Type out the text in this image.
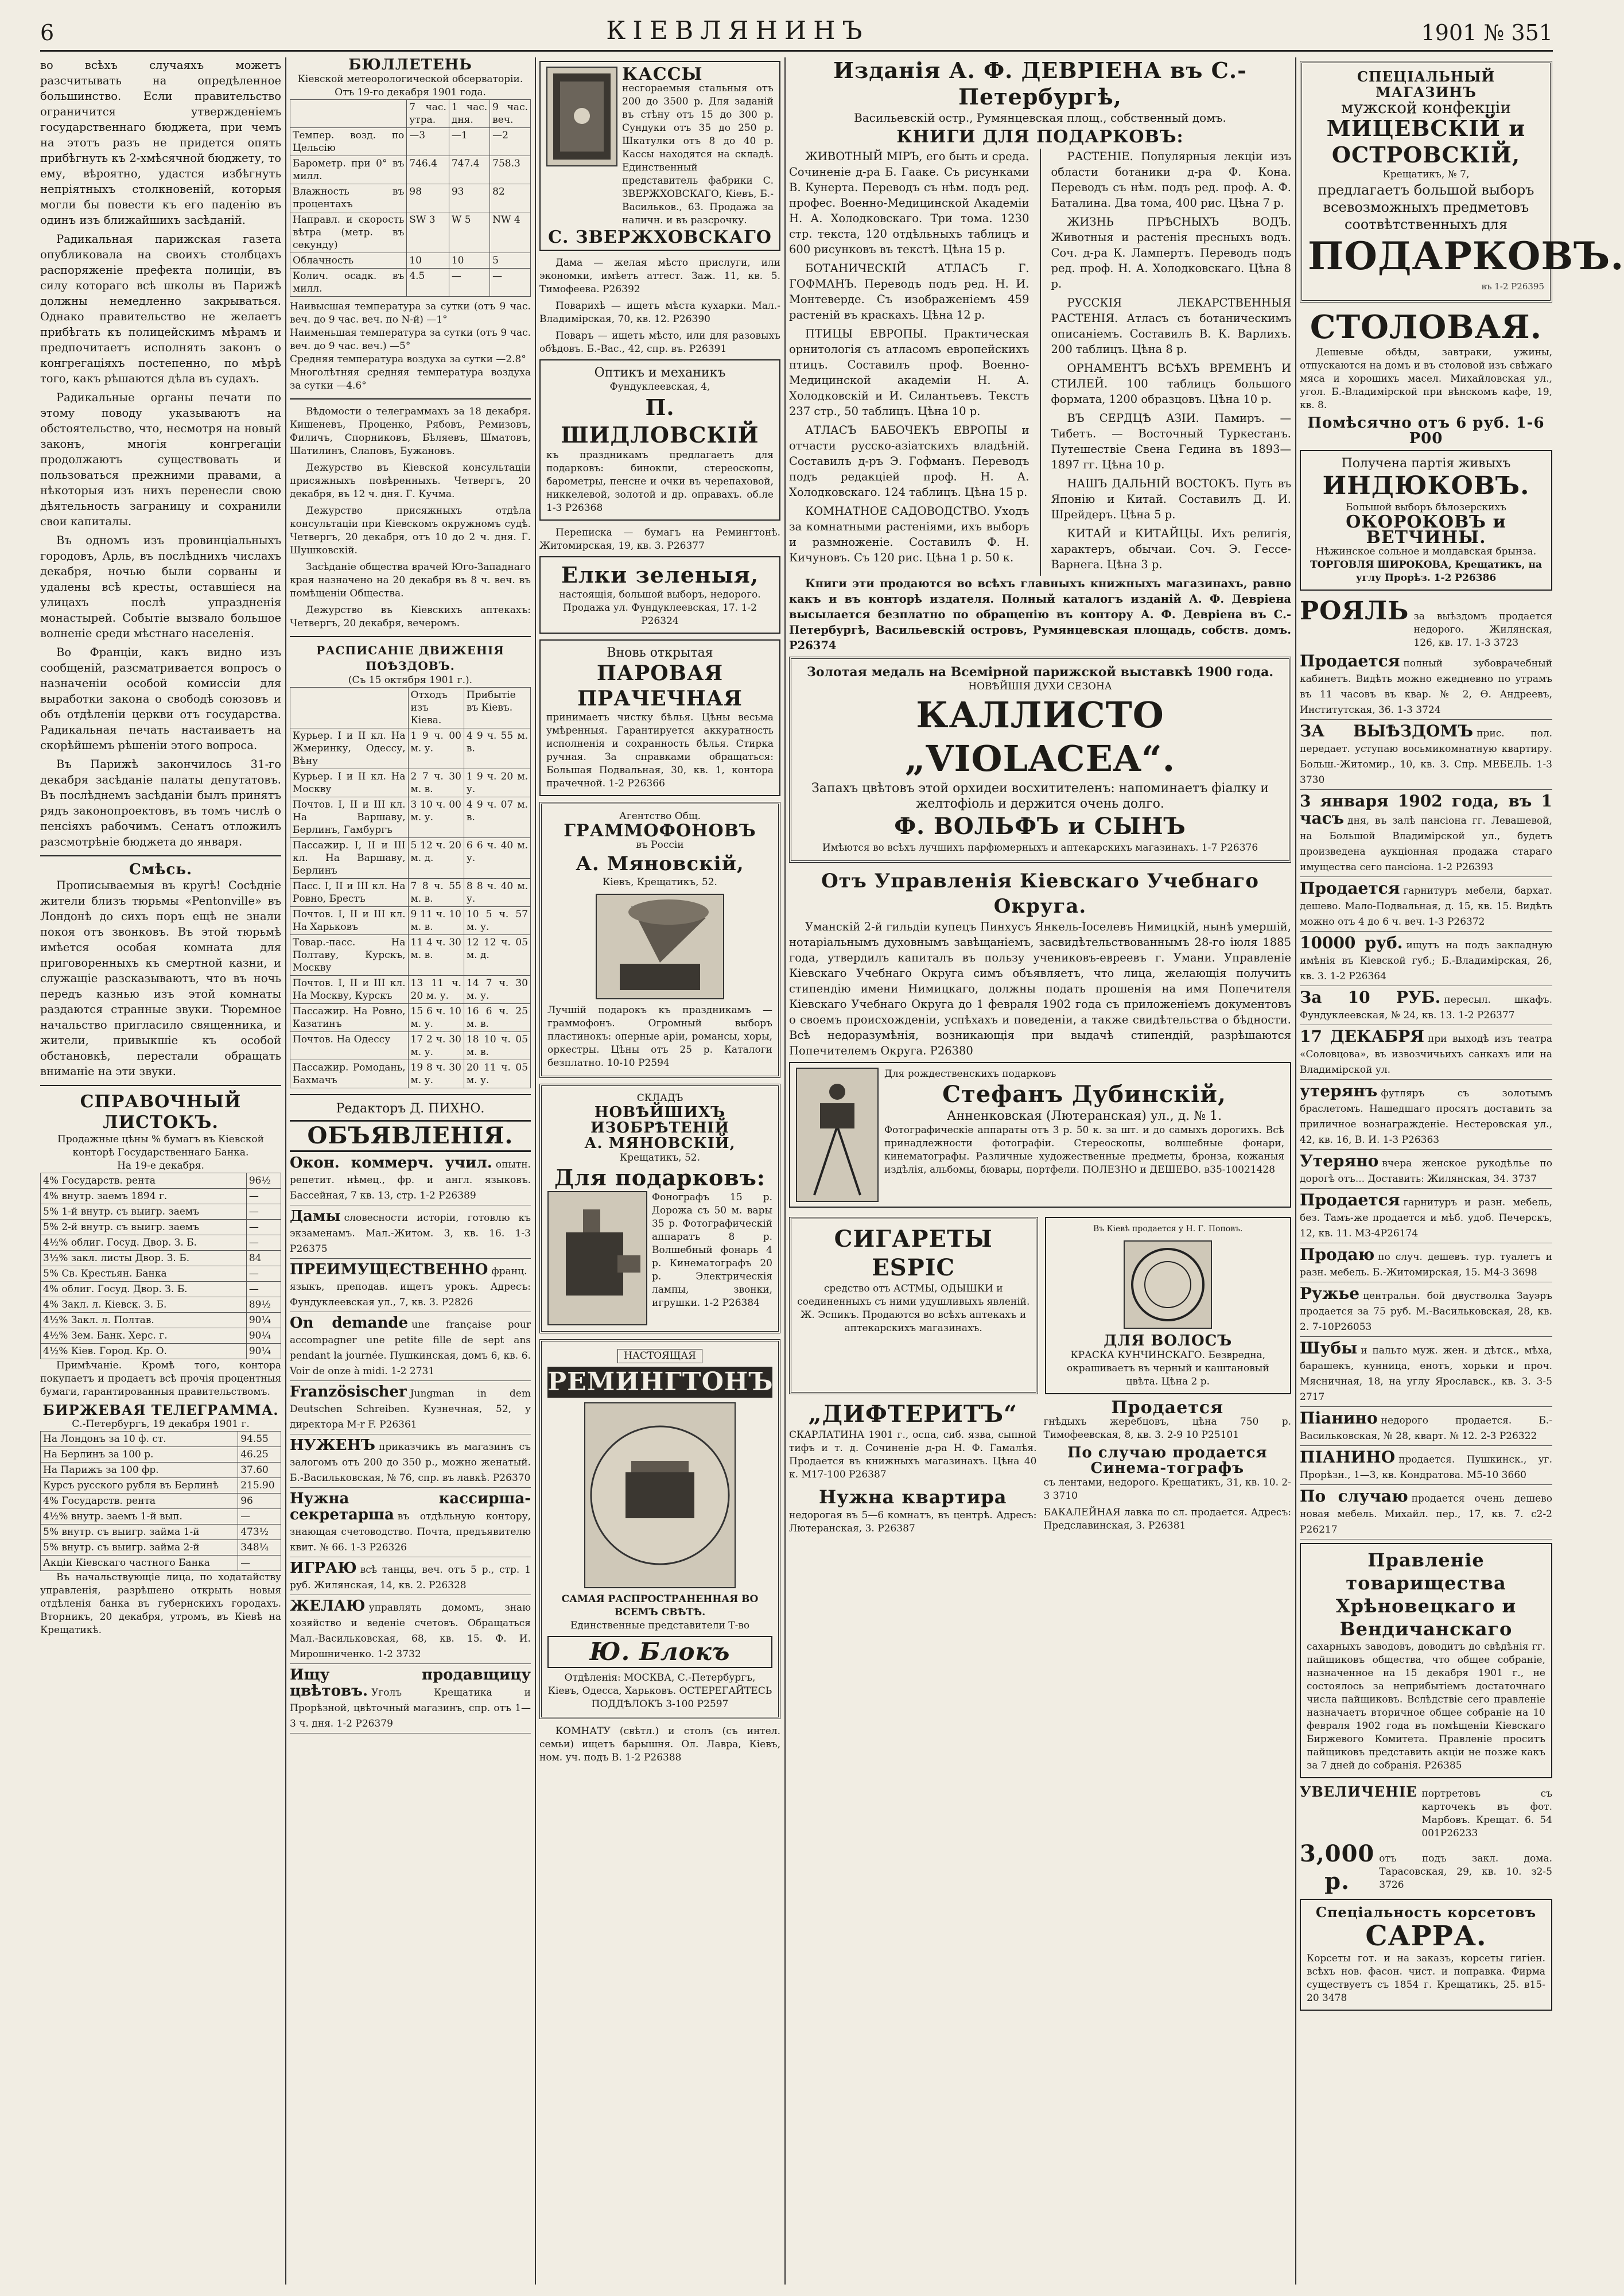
6	КIЕВЛЯНИНЪ	1901 № 351

во всѣхъ случаяхъ можетъ разсчитывать на опредѣленное большинство. Если правительство ограничится утвержденіемъ государственнаго бюджета, при чемъ на этотъ разъ не придется опять прибѣгнуть къ 2-хмѣсячной бюджету, то ему, вѣроятно, удастся избѣгнуть непріятныхъ столкновеній, которыя могли бы повести къ его паденію въ одинъ изъ ближайшихъ засѣданій.

Радикальная парижская газета опубликовала на своихъ столбцахъ распоряженіе префекта полиціи, въ силу котораго всѣ школы въ Парижѣ должны немедленно закрываться. Однако правительство не желаетъ прибѣгать къ полицейскимъ мѣрамъ и предпочитаетъ исполнять законъ о конгрегаціяхъ постепенно, по мѣрѣ того, какъ рѣшаются дѣла въ судахъ.

Радикальные органы печати по этому поводу указываютъ на обстоятельство, что, несмотря на новый законъ, многія конгрегаціи продолжаютъ существовать и пользоваться прежними правами, а нѣкоторыя изъ нихъ перенесли свою дѣятельность заграницу и сохранили свои капиталы.

Въ одномъ изъ провинціальныхъ городовъ, Арль, въ послѣднихъ числахъ декабря, ночью были сорваны и удалены всѣ кресты, оставшіеся на улицахъ послѣ упраздненія монастырей. Событіе вызвало большое волненіе среди мѣстнаго населенія.

Во Франціи, какъ видно изъ сообщеній, разсматривается вопросъ о назначеніи особой комиссіи для выработки закона о свободѣ союзовъ и объ отдѣленіи церкви отъ государства. Радикальная печать настаиваетъ на скорѣйшемъ рѣшеніи этого вопроса.

Въ Парижѣ закончилось 31-го декабря засѣданіе палаты депутатовъ. Въ послѣднемъ засѣданіи былъ принятъ рядъ законопроектовъ, въ томъ числѣ о пенсіяхъ рабочимъ. Сенатъ отложилъ разсмотрѣніе бюджета до января.

Смѣсь.

Прописываемыя въ кругѣ! Сосѣдніе жители близъ тюрьмы «Pentonville» въ Лондонѣ до сихъ поръ ещѣ не знали покоя отъ звонковъ. Въ этой тюрьмѣ имѣется особая комната для приговоренныхъ къ смертной казни, и служащіе разсказываютъ, что въ ночь передъ казнью изъ этой комнаты раздаются странные звуки. Тюремное начальство пригласило священника, и жители, привыкшіе къ особой обстановкѣ, перестали обращать вниманіе на эти звуки.

СПРАВОЧНЫЙ ЛИСТОКЪ.
Продажные цѣны % бумагъ въ Кіевской конторѣ Государственнаго Банка.
На 19-е декабря.
4% Государств. рента	96½
4% внутр. заемъ 1894 г.	—
5% 1-й внутр. съ выигр. заемъ	—
5% 2-й внутр. съ выигр. заемъ	—
4½% облиг. Госуд. Двор. З. Б.	—
3½% закл. листы Двор. З. Б.	84
5% Св. Крестьян. Банка	—
4% облиг. Госуд. Двор. З. Б.	—
4% Закл. л. Кіевск. З. Б.	89½
4½% Закл. л. Полтав.	90¼
4½% Зем. Банк. Херс. г.	90¼
4½% Кіев. Город. Кр. О.	90¼

Примѣчаніе. Кромѣ того, контора покупаетъ и продаетъ всѣ прочія процентныя бумаги, гарантированныя правительствомъ.

БИРЖЕВАЯ ТЕЛЕГРАММА.
С.-Петербургъ, 19 декабря 1901 г.
На Лондонъ за 10 ф. ст.	94.55
На Берлинъ за 100 р.	46.25
На Парижъ за 100 фр.	37.60
Курсъ русского рубля въ Берлинѣ	215.90
4% Государств. рента	96
4½% внутр. заемъ 1-й вып.	—
5% внутр. съ выигр. займа 1-й	473½
5% внутр. съ выигр. займа 2-й	348¼
Акціи Кіевскаго частного Банка	—

Въ начальствующіе лица, по ходатайству управленія, разрѣшено открыть новыя отдѣленія банка въ губернскихъ городахъ. Вторникъ, 20 декабря, утромъ, въ Кіевѣ на Крещатикѣ.

БЮЛЛЕТЕНЬ
Кіевской метеорологической обсерваторіи.
Отъ 19-го декабря 1901 года.
	7 час. утра.	1 час. дня.	9 час. веч.
Темпер. возд. по Цельсію	—3	—1	—2
Барометр. при 0° въ милл.	746.4	747.4	758.3
Влажность въ процентахъ	98	93	82
Направл. и скорость вѣтра (метр. въ секунду)	SW 3	W 5	NW 4
Облачность	10	10	5
Колич. осадк. въ милл.	4.5	—	—
Наивысшая температура за сутки (отъ 9 час. веч. до 9 час. веч. по N-й) —1°
Наименьшая температура за сутки (отъ 9 час. веч. до 9 час. веч.) —5°
Средняя температура воздуха за сутки —2.8°
Многолѣтняя средняя температура воздуха за сутки —4.6°

Вѣдомости о телеграммахъ за 18 декабря. Кишеневъ, Проценко, Рябовъ, Ремизовъ, Филичъ, Спорниковъ, Бѣляевъ, Шматовъ, Шатилинъ, Слаповъ, Бужановъ.

Дежурство въ Кіевской консультаціи присяжныхъ повѣренныхъ. Четвергъ, 20 декабря, въ 12 ч. дня. Г. Кучма.

Дежурство присяжныхъ отдѣла консультаціи при Кіевскомъ окружномъ судѣ. Четвергъ, 20 декабря, отъ 10 до 2 ч. дня. Г. Шушковскій.

Засѣданіе общества врачей Юго-Западнаго края назначено на 20 декабря въ 8 ч. веч. въ помѣщеніи Общества.

Дежурство въ Кіевскихъ аптекахъ: Четвергъ, 20 декабря, вечеромъ.

РАСПИСАНІЕ ДВИЖЕНІЯ ПОѢЗДОВЪ.
(Съ 15 октября 1901 г.).
	Отходъ изъ Кіева.	Прибытіе въ Кіевъ.
Курьер. I и II кл. На Жмеринку, Одессу, Вѣну	1 9 ч. 00 м. у.	4 9 ч. 55 м. в.
Курьер. I и II кл. На Москву	2 7 ч. 30 м. в.	1 9 ч. 20 м. у.
Почтов. I, II и III кл. На Варшаву, Берлинъ, Гамбургъ	3 10 ч. 00 м. у.	4 9 ч. 07 м. в.
Пассажир. I, II и III кл. На Варшаву, Берлинъ	5 12 ч. 20 м. д.	6 6 ч. 40 м. у.
Пасс. I, II и III кл. На Ровно, Брестъ	7 8 ч. 55 м. в.	8 8 ч. 40 м. у.
Почтов. I, II и III кл. На Харьковъ	9 11 ч. 10 м. в.	10 5 ч. 57 м. у.
Товар.-пасс. На Полтаву, Курскъ, Москву	11 4 ч. 30 м. в.	12 12 ч. 05 м. д.
Почтов. I, II и III кл. На Москву, Курскъ	13 11 ч. 20 м. у.	14 7 ч. 30 м. у.
Пассажир. На Ровно, Казатинъ	15 6 ч. 10 м. у.	16 6 ч. 25 м. в.
Почтов. На Одессу	17 2 ч. 30 м. у.	18 10 ч. 05 м. в.
Пассажир. Ромодань, Бахмачъ	19 8 ч. 30 м. у.	20 11 ч. 05 м. у.
Редакторъ Д. ПИХНО.
ОБЪЯВЛЕНІЯ.
Окон. коммерч. учил. опытн. репетит. нѣмец., фр. и англ. языковъ. Бассейная, 7 кв. 13, стр. 1-2 P26389
Дамы словесности исторіи, готовлю къ экзаменамъ. Мал.-Житом. 3, кв. 16. 1-3 P26375
ПРЕИМУЩЕСТВЕННО франц. языкъ, преподав. ищетъ урокъ. Адресъ: Фундуклеевская ул., 7, кв. 3. P2826
On demande une française pour accompagner une petite fille de sept ans pendant la journée. Пушкинская, домъ 6, кв. 6. Voir de onze à midi. 1-2 2731
Französischer Jungman in dem Deutschen Schreiben. Кузнечная, 52, у директора M-r F. P26361
НУЖЕНЪ приказчикъ въ магазинъ съ залогомъ отъ 200 до 350 р., можно женатый. Б.-Васильковская, № 76, спр. въ лавкѣ. P26370
Нужна кассирша-секретарша въ отдѣльную контору, знающая счетоводство. Почта, предъявителю квит. № 66. 1-3 P26326
ИГРАЮ всѣ танцы, веч. отъ 5 р., стр. 1 руб. Жилянская, 14, кв. 2. P26328
ЖЕЛАЮ управлять домомъ, знаю хозяйство и веденіе счетовъ. Обращаться Мал.-Васильковская, 68, кв. 15. Ф. И. Мирошниченко. 1-2 3732
Ищу продавщицу цвѣтовъ. Уголъ Крещатика и Прорѣзной, цвѣточный магазинъ, спр. отъ 1—3 ч. дня. 1-2 P26379
КАССЫ
несгораемыя стальныя отъ 200 до 3500 р. Для заданій въ стѣну отъ 15 до 300 р. Сундуки отъ 35 до 250 р. Шкатулки отъ 8 до 40 р. Кассы находятся на складѣ. Единственный представитель фабрики С. ЗВЕРЖХОВСКАГО, Кіевъ, Б.-Васильков., 63. Продажа за наличн. и въ разсрочку.
С. ЗВЕРЖХОВСКАГО

Дама — желая мѣсто прислуги, или экономки, имѣетъ аттест. Заж. 11, кв. 5. Тимофеева. P26392

Поварихѣ — ищетъ мѣста кухарки. Мал.-Владимірская, 70, кв. 12. P26390

Поваръ — ищетъ мѣсто, или для разовыхъ обѣдовъ. Б.-Вас., 42, спр. въ. P26391

Оптикъ и механикъ
Фундуклеевская, 4,
П. ШИДЛОВСКІЙ
къ праздникамъ предлагаетъ для подарковъ: бинокли, стереоскопы, барометры, пенсне и очки въ черепаховой, никкелевой, золотой и др. оправахъ. об.ле 1-3 P26368

Переписка — бумагъ на Ремингтонѣ. Житомирская, 19, кв. 3. P26377

Елки зеленыя,
настоящія, большой выборъ, недорого. Продажа ул. Фундуклеевская, 17. 1-2 P26324
Вновь открытая
ПАРОВАЯ ПРАЧЕЧНАЯ
принимаетъ чистку бѣлья. Цѣны весьма умѣренныя. Гарантируется аккуратность исполненія и сохранность бѣлья. Стирка ручная. За справками обращаться: Большая Подвальная, 30, кв. 1, контора прачечной. 1-2 P26366
Агентство Общ.
ГРАММОФОНОВЪ
въ Россіи
А. Мяновскій,
Кіевъ, Крещатикъ, 52.
Лучшій подарокъ къ праздникамъ — граммофонъ. Огромный выборъ пластинокъ: оперные арiи, романсы, хоры, оркестры. Цѣны отъ 25 р. Каталоги безплатно. 10-10 P2594
СКЛАДЪ
НОВѢЙШИХЪ ИЗОБРѢТЕНІЙ
А. МЯНОВСКІЙ,
Крещатикъ, 52.
Для подарковъ:
Фонографъ 15 р. Дорожа съ 50 м. вары 35 р. Фотографическій аппаратъ 8 р. Волшебный фонарь 4 р. Кинематографъ 20 р. Электрическія лампы, звонки, игрушки. 1-2 P26384
НАСТОЯЩАЯ
РЕМИНГТОНЪ
САМАЯ РАСПРОСТРАНЕННАЯ ВО ВСЕМЪ СВѢТѢ.
Единственные представители Т-во
Ю. Блокъ
Отдѣленія: МОСКВА, С.-Петербургъ, Кіевъ, Одесса, Харьковъ. ОСТЕРЕГАЙТЕСЬ ПОДДѢЛОКЪ 3-100 P2597

КОМНАТУ (свѣтл.) и столъ (съ интел. семьи) ищетъ барышня. Ол. Лавра, Кіевъ, ном. уч. подъ В. 1-2 P26388

Изданія А. Ф. ДЕВРІЕНА въ С.-Петербургѣ,
Васильевскій остр., Румянцевская площ., собственный домъ.
КНИГИ ДЛЯ ПОДАРКОВЪ:

ЖИВОТНЫЙ МІРЪ, его быть и среда. Сочиненіе д-ра Б. Гааке. Съ рисунками В. Кунерта. Переводъ съ нѣм. подъ ред. профес. Военно-Медицинской Академіи Н. А. Холодковскаго. Три тома. 1230 стр. текста, 120 отдѣльныхъ таблицъ и 600 рисунковъ въ текстѣ. Цѣна 15 р.

БОТАНИЧЕСКІЙ АТЛАСЪ Г. ГОФМАНЪ. Переводъ подъ ред. Н. И. Монтеверде. Съ изображеніемъ 459 растеній въ краскахъ. Цѣна 12 р.

ПТИЦЫ ЕВРОПЫ. Практическая орнитологія съ атласомъ европейскихъ птицъ. Составилъ проф. Военно-Медицинской академіи Н. А. Холодковскій и И. Силантьевъ. Текстъ 237 стр., 50 таблицъ. Цѣна 10 р.

АТЛАСЪ БАБОЧЕКЪ ЕВРОПЫ и отчасти русско-азіатскихъ владѣній. Составилъ д-ръ Э. Гофманъ. Переводъ подъ редакціей проф. Н. А. Холодковскаго. 124 таблицъ. Цѣна 15 р.

КОМНАТНОЕ САДОВОДСТВО. Уходъ за комнатными растеніями, ихъ выборъ и размноженіе. Составилъ Ф. Н. Кичуновъ. Съ 120 рис. Цѣна 1 р. 50 к.

РАСТЕНІЕ. Популярныя лекціи изъ области ботаники д-ра Ф. Кона. Переводъ съ нѣм. подъ ред. проф. А. Ф. Баталина. Два тома, 400 рис. Цѣна 7 р.

ЖИЗНЬ ПРѢСНЫХЪ ВОДЪ. Животныя и растенія пресныхъ водъ. Соч. д-ра К. Лампертъ. Переводъ подъ ред. проф. Н. А. Холодковскаго. Цѣна 8 р.

РУССКІЯ ЛЕКАРСТВЕННЫЯ РАСТЕНІЯ. Атласъ съ ботаническимъ описаніемъ. Составилъ В. К. Варлихъ. 200 таблицъ. Цѣна 8 р.

ОРНАМЕНТЪ ВСѢХЪ ВРЕМЕНЪ И СТИЛЕЙ. 100 таблицъ большого формата, 1200 образцовъ. Цѣна 10 р.

ВЪ СЕРДЦѢ АЗІИ. Памиръ. — Тибетъ. — Восточный Туркестанъ. Путешествіе Свена Гедина въ 1893—1897 гг. Цѣна 10 р.

НАШЪ ДАЛЬНІЙ ВОСТОКЪ. Путь въ Японію и Китай. Составилъ Д. И. Шрейдеръ. Цѣна 5 р.

КИТАЙ и КИТАЙЦЫ. Ихъ религія, характеръ, обычаи. Соч. Э. Гессе-Варнега. Цѣна 3 р.

Книги эти продаются во всѣхъ главныхъ книжныхъ магазинахъ, равно какъ и въ конторѣ издателя. Полный каталогъ изданій А. Ф. Девріена высылается безплатно по обращенію въ контору А. Ф. Девріена въ С.-Петербургѣ, Васильевскій островъ, Румянцевская площадь, собств. домъ. P26374

Золотая медаль на Всемірной парижской выставкѣ 1900 года.
НОВѢЙШІЯ ДУХИ СЕЗОНА
КАЛЛИСТО „VIOLACEA“.
Запахъ цвѣтовъ этой орхидеи восхитителенъ: напоминаетъ фіалку и желтофіоль и держится очень долго.
Ф. ВОЛЬФЪ и СЫНЪ
Имѣются во всѣхъ лучшихъ парфюмерныхъ и аптекарскихъ магазинахъ. 1-7 P26376
Отъ Управленія Кіевскаго Учебнаго Округа.

Уманскій 2-й гильдіи купецъ Пинхусъ Янкель-Іоселевъ Нимицкій, нынѣ умершій, нотаріальнымъ духовнымъ завѣщаніемъ, засвидѣтельствованнымъ 28-го іюля 1885 года, утвердилъ капиталъ въ пользу учениковъ-евреевъ г. Умани. Управленіе Кіевскаго Учебнаго Округа симъ объявляетъ, что лица, желающія получить стипендію имени Нимицкаго, должны подать прошенія на имя Попечителя Кіевскаго Учебнаго Округа до 1 февраля 1902 года съ приложеніемъ документовъ о своемъ происхожденіи, успѣхахъ и поведеніи, а также свидѣтельства о бѣдности. Всѣ недоразумѣнія, возникающія при выдачѣ стипендій, разрѣшаются Попечителемъ Округа. P26380

Для рождественскихъ подарковъ
Стефанъ Дубинскій,
Анненковская (Лютеранская) ул., д. № 1.
Фотографическіе аппараты отъ 3 р. 50 к. за шт. и до самыхъ дорогихъ. Всѣ принадлежности фотографіи. Стереоскопы, волшебные фонари, кинематографы. Различные художественные предметы, бронза, кожаныя издѣлія, альбомы, бювары, портфели. ПОЛЕЗНО и ДЕШЕВО. в35-10021428
СИГАРЕТЫ ESPIC
средство отъ АСТМЫ, ОДЫШКИ и соединенныхъ съ ними удушливыхъ явленій. Ж. Эспикъ. Продаются во всѣхъ аптекахъ и аптекарскихъ магазинахъ.
Въ Кіевѣ продается у Н. Г. Поповъ.
ДЛЯ ВОЛОСЪ
КРАСКА КУНЧИНСКАГО. Безвредна, окрашиваетъ въ черный и каштановый цвѣта. Цѣна 2 р.
„ДИФТЕРИТЪ“
СКАРЛАТИНА 1901 г., оспа, сиб. язва, сыпной тифъ и т. д. Сочиненіе д-ра Н. Ф. Гамалѣя. Продается въ книжныхъ магазинахъ. Цѣна 40 к. M17-100 P26387
Нужна квартира
недорогая въ 5—6 комнатъ, въ центрѣ. Адресъ: Лютеранская, 3. P26387
Продается
гнѣдыхъ жеребцовъ, цѣна 750 р. Тимофеевская, 8, кв. 3. 2-9 10 P25101
По случаю продается Синема-тографъ
съ лентами, недорого. Крещатикъ, 31, кв. 10. 2-3 3710
БАКАЛЕЙНАЯ лавка по сл. продается. Адресъ: Предславинская, 3. P26381
СПЕЦІАЛЬНЫЙ МАГАЗИНЪ
мужской конфекціи
МИЦЕВСКІЙ и ОСТРОВСКІЙ,
Крещатикъ, № 7,
предлагаетъ большой выборъ всевозможныхъ предметовъ соотвѣтственныхъ для
ПОДАРКОВЪ.
въ 1-2 P26395
СТОЛОВАЯ.

Дешевые обѣды, завтраки, ужины, отпускаются на домъ и въ столовой изъ свѣжаго мяса и хорошихъ масел. Михайловская ул., угол. Б.-Владимірской при вѣнскомъ кафе, 19, кв. 8.

Помѣсячно отъ 6 руб. 1-6 P00
Получена партія живыхъ
ИНДЮКОВЪ.
Большой выборъ бѣлозерскихъ
ОКОРОКОВЪ и ВЕТЧИНЫ.
Нѣжинское сольное и молдавская брынза.
ТОРГОВЛЯ ШИРОКОВА, Крещатикъ, на углу Прорѣз. 1-2 P26386
РОЯЛЬ за выѣздомъ продается недорого. Жилянская, 126, кв. 17. 1-3 3723
Продается полный зубоврачебный кабинетъ. Видѣть можно ежедневно по утрамъ въ 11 часовъ въ квар. № 2, Ѳ. Андреевъ, Институтская, 36. 1-3 3724
ЗА ВЫѢЗДОМЪ прис. пол. передает. уступаю восьмикомнатную квартиру. Больш.-Житомир., 10, кв. 3. Спр. МЕБЕЛЬ. 1-3 3730
3 января 1902 года, въ 1 часъ дня, въ залѣ пансіона гг. Левашевой, на Большой Владимірской ул., будетъ произведена аукціонная продажа стараго имущества сего пансіона. 1-2 P26393
Продается гарнитуръ мебели, бархат. дешево. Мало-Подвальная, д. 15, кв. 15. Видѣть можно отъ 4 до 6 ч. веч. 1-3 P26372
10000 руб. ищутъ на подъ закладную имѣнія въ Кіевской губ.; Б.-Владимірская, 26, кв. 3. 1-2 P26364
За 10 РУБ. пересыл. шкафъ. Фундуклеевская, № 24, кв. 13. 1-2 P26377
17 ДЕКАБРЯ при выходѣ изъ театра «Соловцова», въ извозчичьихъ санкахъ или на Владимірской ул.
утерянъ футляръ съ золотымъ браслетомъ. Нашедшаго просятъ доставить за приличное вознагражденіе. Нестеровская ул., 42, кв. 16, В. И. 1-3 P26363
Утеряно вчера женское рукодѣлье по дорогѣ отъ... Доставить: Жилянская, 34. 3737
Продается гарнитуръ и разн. мебель, без. Тамъ-же продается и мѣб. удоб. Печерскъ, 12, кв. 11. M3-4P26174
Продаю по случ. дешевъ. тур. туалетъ и разн. мебель. Б.-Житомирская, 15. M4-3 3698
Ружье центральн. бой двустволка Зауэръ продается за 75 руб. М.-Васильковская, 28, кв. 2. 7-10P26053
Шубы и пальто муж. жен. и дѣтск., мѣха, барашекъ, кунница, енотъ, хорьки и проч. Мясничная, 18, на углу Ярославск., кв. 3. 3-5 2717
Піанино недорого продается. Б.-Васильковская, № 28, кварт. № 12. 2-3 P26322
ПІАНИНО продается. Пушкинск., уг. Прорѣзн., 1—3, кв. Кондратова. M5-10 3660
По случаю продается очень дешево новая мебель. Михайл. пер., 17, кв. 7. с2-2 P26217
Правленіе товарищества Хрѣновецкаго и Вендичанскаго
сахарныхъ заводовъ, доводитъ до свѣдѣнія гг. пайщиковъ общества, что общее собраніе, назначенное на 15 декабря 1901 г., не состоялось за неприбытіемъ достаточнаго числа пайщиковъ. Вслѣдствіе сего правленіе назначаетъ вторичное общее собраніе на 10 февраля 1902 года въ помѣщеніи Кіевскаго Биржевого Комитета. Правленіе проситъ пайщиковъ представить акціи не позже какъ за 7 дней до собранія. P26385
УВЕЛИЧЕНІЕ портретовъ съ карточекъ въ фот. Марбовъ. Крещат. 6. 54 001P26233
3,000 р.
отъ подъ закл. дома. Тарасовская, 29, кв. 10. з2-5 3726
Спеціальность корсетовъ
САРРА.
Корсеты гот. и на заказъ, корсеты гигіен. всѣхъ нов. фасон. чист. и поправка. Фирма существуетъ съ 1854 г. Крещатикъ, 25. в15-20 3478
